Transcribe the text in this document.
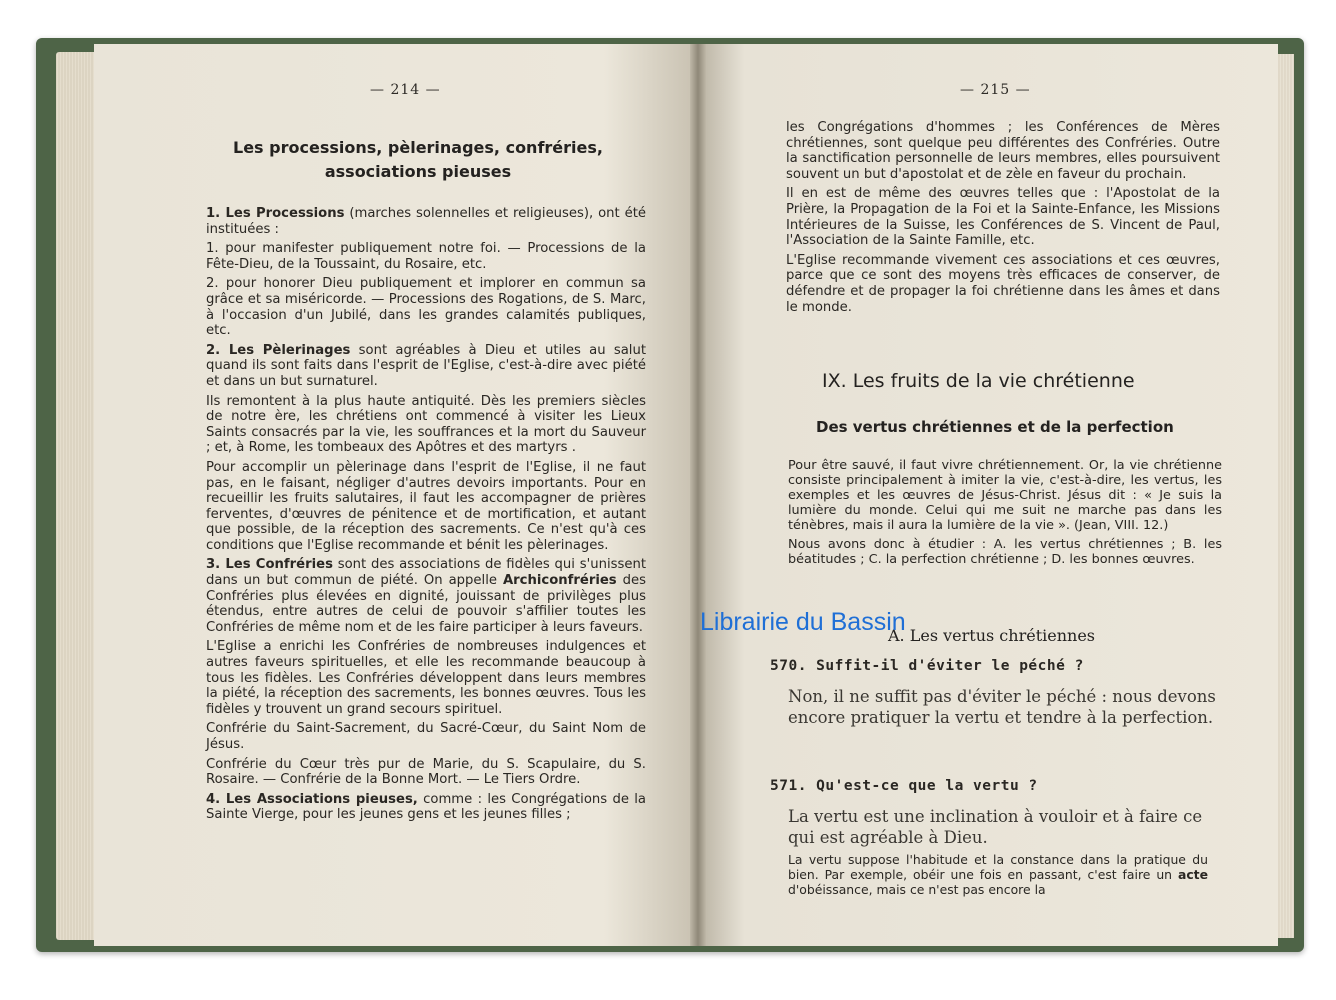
— 214 —
Les processions, pèlerinages, confréries, associations pieuses

1. Les Processions (marches solennelles et religieuses), ont été instituées :

1. pour manifester publiquement notre foi. — Processions de la Fête-Dieu, de la Toussaint, du Rosaire, etc.

2. pour honorer Dieu publiquement et implorer en commun sa grâce et sa miséricorde. — Processions des Rogations, de S. Marc, à l'occasion d'un Jubilé, dans les grandes calamités publiques, etc.

2. Les Pèlerinages sont agréables à Dieu et utiles au salut quand ils sont faits dans l'esprit de l'Eglise, c'est-à-dire avec piété et dans un but surnaturel.

Ils remontent à la plus haute antiquité. Dès les premiers siècles de notre ère, les chrétiens ont commencé à visiter les Lieux Saints consacrés par la vie, les souffrances et la mort du Sauveur ; et, à Rome, les tombeaux des Apôtres et des martyrs .

Pour accomplir un pèlerinage dans l'esprit de l'Eglise, il ne faut pas, en le faisant, négliger d'autres devoirs importants. Pour en recueillir les fruits salutaires, il faut les accompagner de prières ferventes, d'œuvres de pénitence et de mortification, et autant que possible, de la réception des sacrements. Ce n'est qu'à ces conditions que l'Eglise recommande et bénit les pèlerinages.

3. Les Confréries sont des associations de fidèles qui s'unissent dans un but commun de piété. On appelle Archiconfréries des Confréries plus élevées en dignité, jouissant de privilèges plus étendus, entre autres de celui de pouvoir s'affilier toutes les Confréries de même nom et de les faire participer à leurs faveurs.

L'Eglise a enrichi les Confréries de nombreuses indulgences et autres faveurs spirituelles, et elle les recommande beaucoup à tous les fidèles. Les Confréries développent dans leurs membres la piété, la réception des sacrements, les bonnes œuvres. Tous les fidèles y trouvent un grand secours spirituel.

Confrérie du Saint-Sacrement, du Sacré-Cœur, du Saint Nom de Jésus.

Confrérie du Cœur très pur de Marie, du S. Scapulaire, du S. Rosaire. — Confrérie de la Bonne Mort. — Le Tiers Ordre.

4. Les Associations pieuses, comme : les Congrégations de la Sainte Vierge, pour les jeunes gens et les jeunes filles ;

— 215 —

les Congrégations d'hommes ; les Conférences de Mères chrétiennes, sont quelque peu différentes des Confréries. Outre la sanctification personnelle de leurs membres, elles poursuivent souvent un but d'apostolat et de zèle en faveur du prochain.

Il en est de même des œuvres telles que : l'Apostolat de la Prière, la Propagation de la Foi et la Sainte-Enfance, les Missions Intérieures de la Suisse, les Conférences de S. Vincent de Paul, l'Association de la Sainte Famille, etc.

L'Eglise recommande vivement ces associations et ces œuvres, parce que ce sont des moyens très efficaces de conserver, de défendre et de propager la foi chrétienne dans les âmes et dans le monde.

IX. Les fruits de la vie chrétienne
Des vertus chrétiennes et de la perfection

Pour être sauvé, il faut vivre chrétiennement. Or, la vie chrétienne consiste principalement à imiter la vie, c'est-à-dire, les vertus, les exemples et les œuvres de Jésus-Christ. Jésus dit : « Je suis la lumière du monde. Celui qui me suit ne marche pas dans les ténèbres, mais il aura la lumière de la vie ». (Jean, VIII. 12.)

Nous avons donc à étudier : A. les vertus chrétiennes ; B. les béatitudes ; C. la perfection chrétienne ; D. les bonnes œuvres.

A. Les vertus chrétiennes
570. Suffit-il d'éviter le péché ?
Non, il ne suffit pas d'éviter le péché : nous devons encore pratiquer la vertu et tendre à la perfection.
571. Qu'est-ce que la vertu ?
La vertu est une inclination à vouloir et à faire ce qui est agréable à Dieu.
La vertu suppose l'habitude et la constance dans la pratique du bien. Par exemple, obéir une fois en passant, c'est faire un acte d'obéissance, mais ce n'est pas encore la
Librairie du Bassin
